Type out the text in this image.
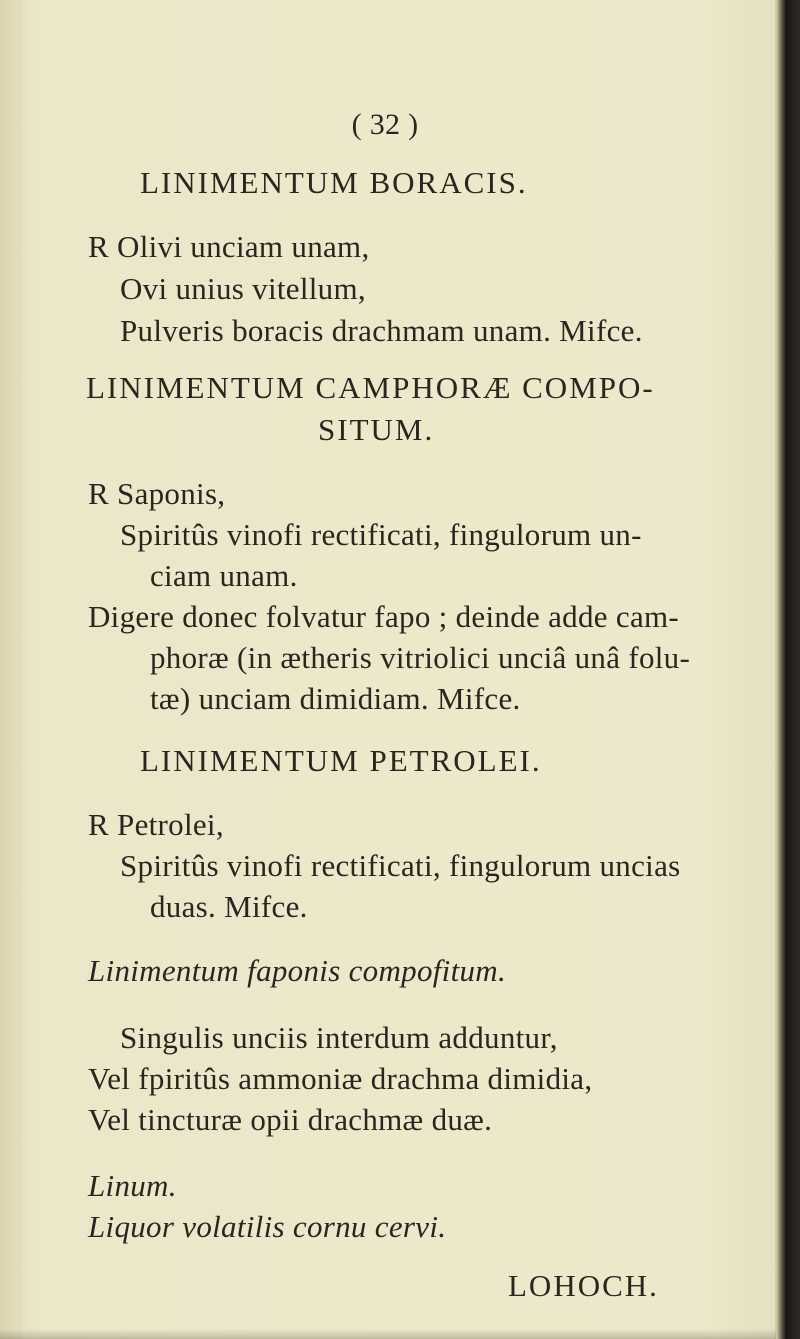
( 32 )
LINIMENTUM BORACIS.
R Olivi unciam unam,
Ovi unius vitellum,
Pulveris boracis drachmam unam. Mifce.
LINIMENTUM CAMPHORÆ COMPO-
SITUM.
R Saponis,
Spiritûs vinofi rectificati, fingulorum un-
ciam unam.
Digere donec folvatur fapo ; deinde adde cam-
phoræ (in ætheris vitriolici unciâ unâ folu-
tæ) unciam dimidiam. Mifce.
LINIMENTUM PETROLEI.
R Petrolei,
Spiritûs vinofi rectificati, fingulorum uncias
duas. Mifce.
Linimentum faponis compofitum.
Singulis unciis interdum adduntur,
Vel fpiritûs ammoniæ drachma dimidia,
Vel tincturæ opii drachmæ duæ.
Linum.
Liquor volatilis cornu cervi.
LOHOCH.
